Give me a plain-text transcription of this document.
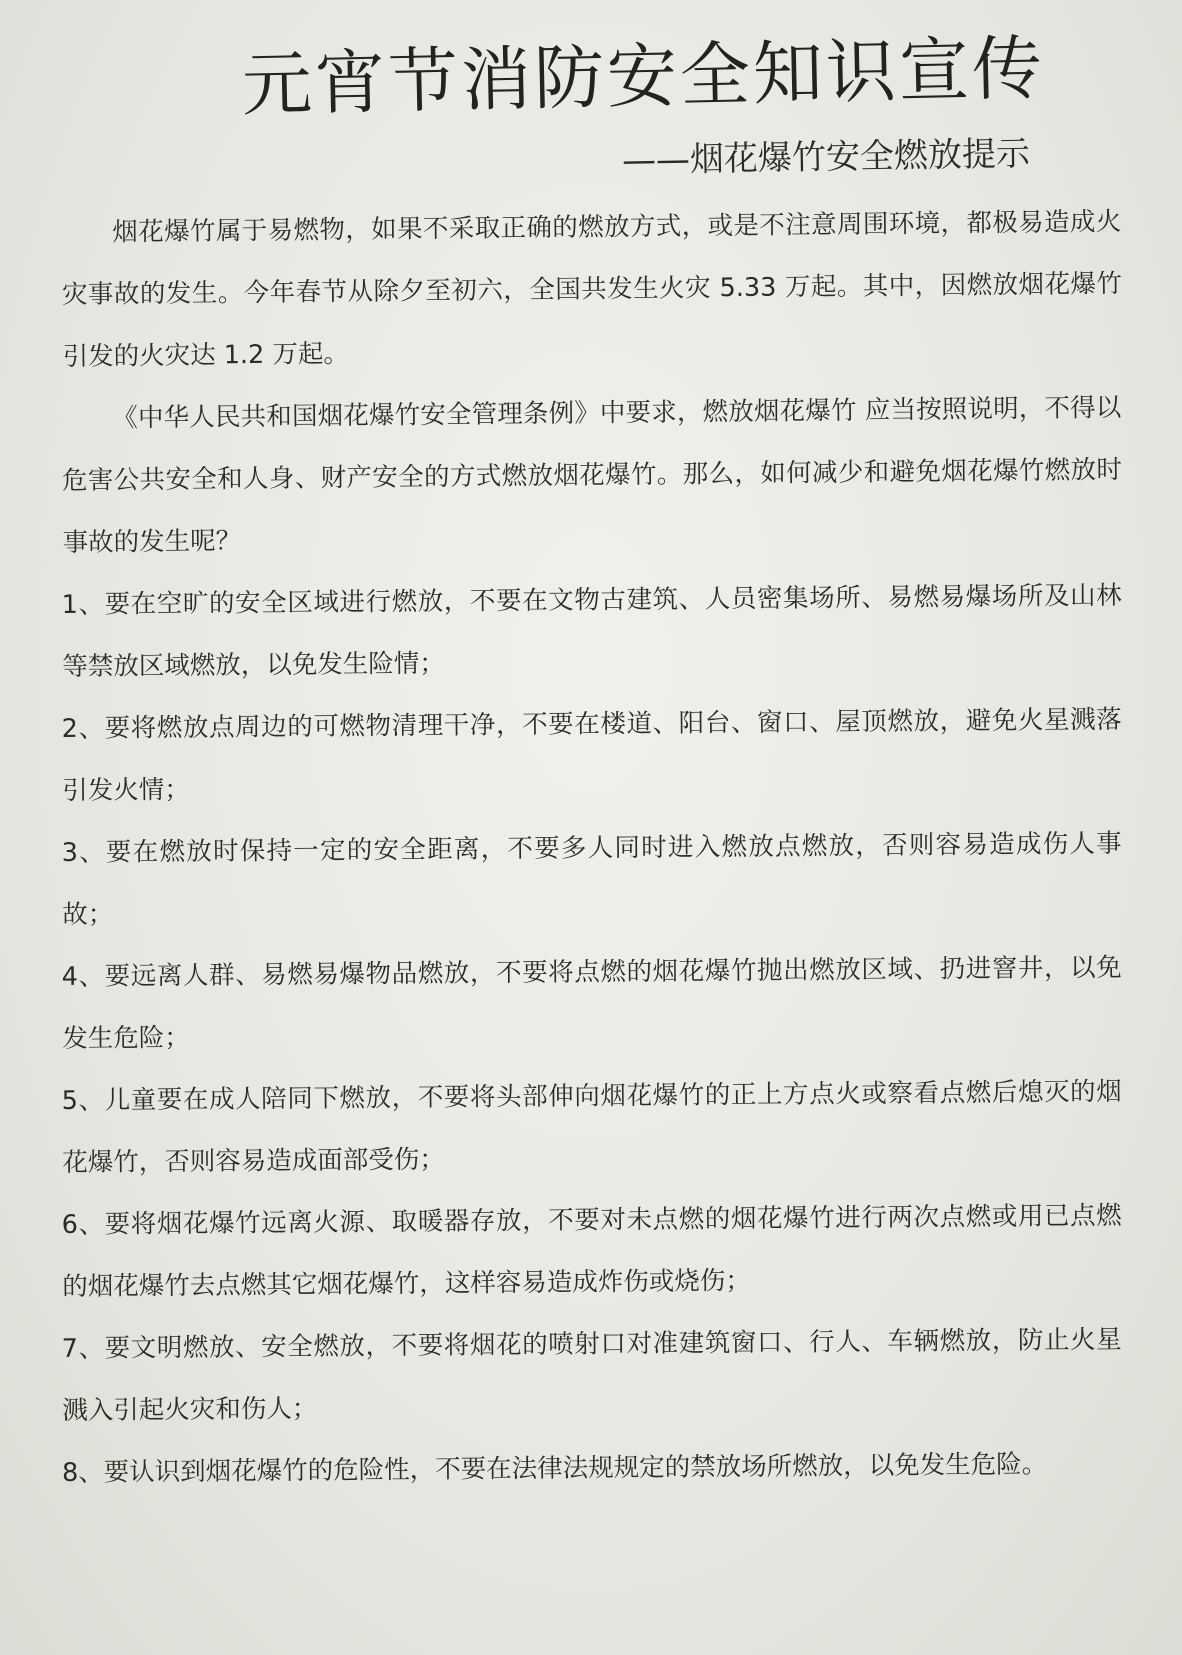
元宵节消防安全知识宣传
——烟花爆竹安全燃放提示

烟花爆竹属于易燃物，如果不采取正确的燃放方式，或是不注意周围环境，都极易造成火灾事故的发生。今年春节从除夕至初六，全国共发生火灾 5.33 万起。其中，因燃放烟花爆竹引发的火灾达 1.2 万起。

《中华人民共和国烟花爆竹安全管理条例》中要求，燃放烟花爆竹 应当按照说明，不得以危害公共安全和人身、财产安全的方式燃放烟花爆竹。那么，如何减少和避免烟花爆竹燃放时事故的发生呢？

1、要在空旷的安全区域进行燃放，不要在文物古建筑、人员密集场所、易燃易爆场所及山林等禁放区域燃放，以免发生险情；

2、要将燃放点周边的可燃物清理干净，不要在楼道、阳台、窗口、屋顶燃放，避免火星溅落引发火情；

3、要在燃放时保持一定的安全距离，不要多人同时进入燃放点燃放，否则容易造成伤人事故；

4、要远离人群、易燃易爆物品燃放，不要将点燃的烟花爆竹抛出燃放区域、扔进窨井，以免发生危险；

5、儿童要在成人陪同下燃放，不要将头部伸向烟花爆竹的正上方点火或察看点燃后熄灭的烟花爆竹，否则容易造成面部受伤；

6、要将烟花爆竹远离火源、取暖器存放，不要对未点燃的烟花爆竹进行两次点燃或用已点燃的烟花爆竹去点燃其它烟花爆竹，这样容易造成炸伤或烧伤；

7、要文明燃放、安全燃放，不要将烟花的喷射口对准建筑窗口、行人、车辆燃放，防止火星溅入引起火灾和伤人；

8、要认识到烟花爆竹的危险性，不要在法律法规规定的禁放场所燃放，以免发生危险。
